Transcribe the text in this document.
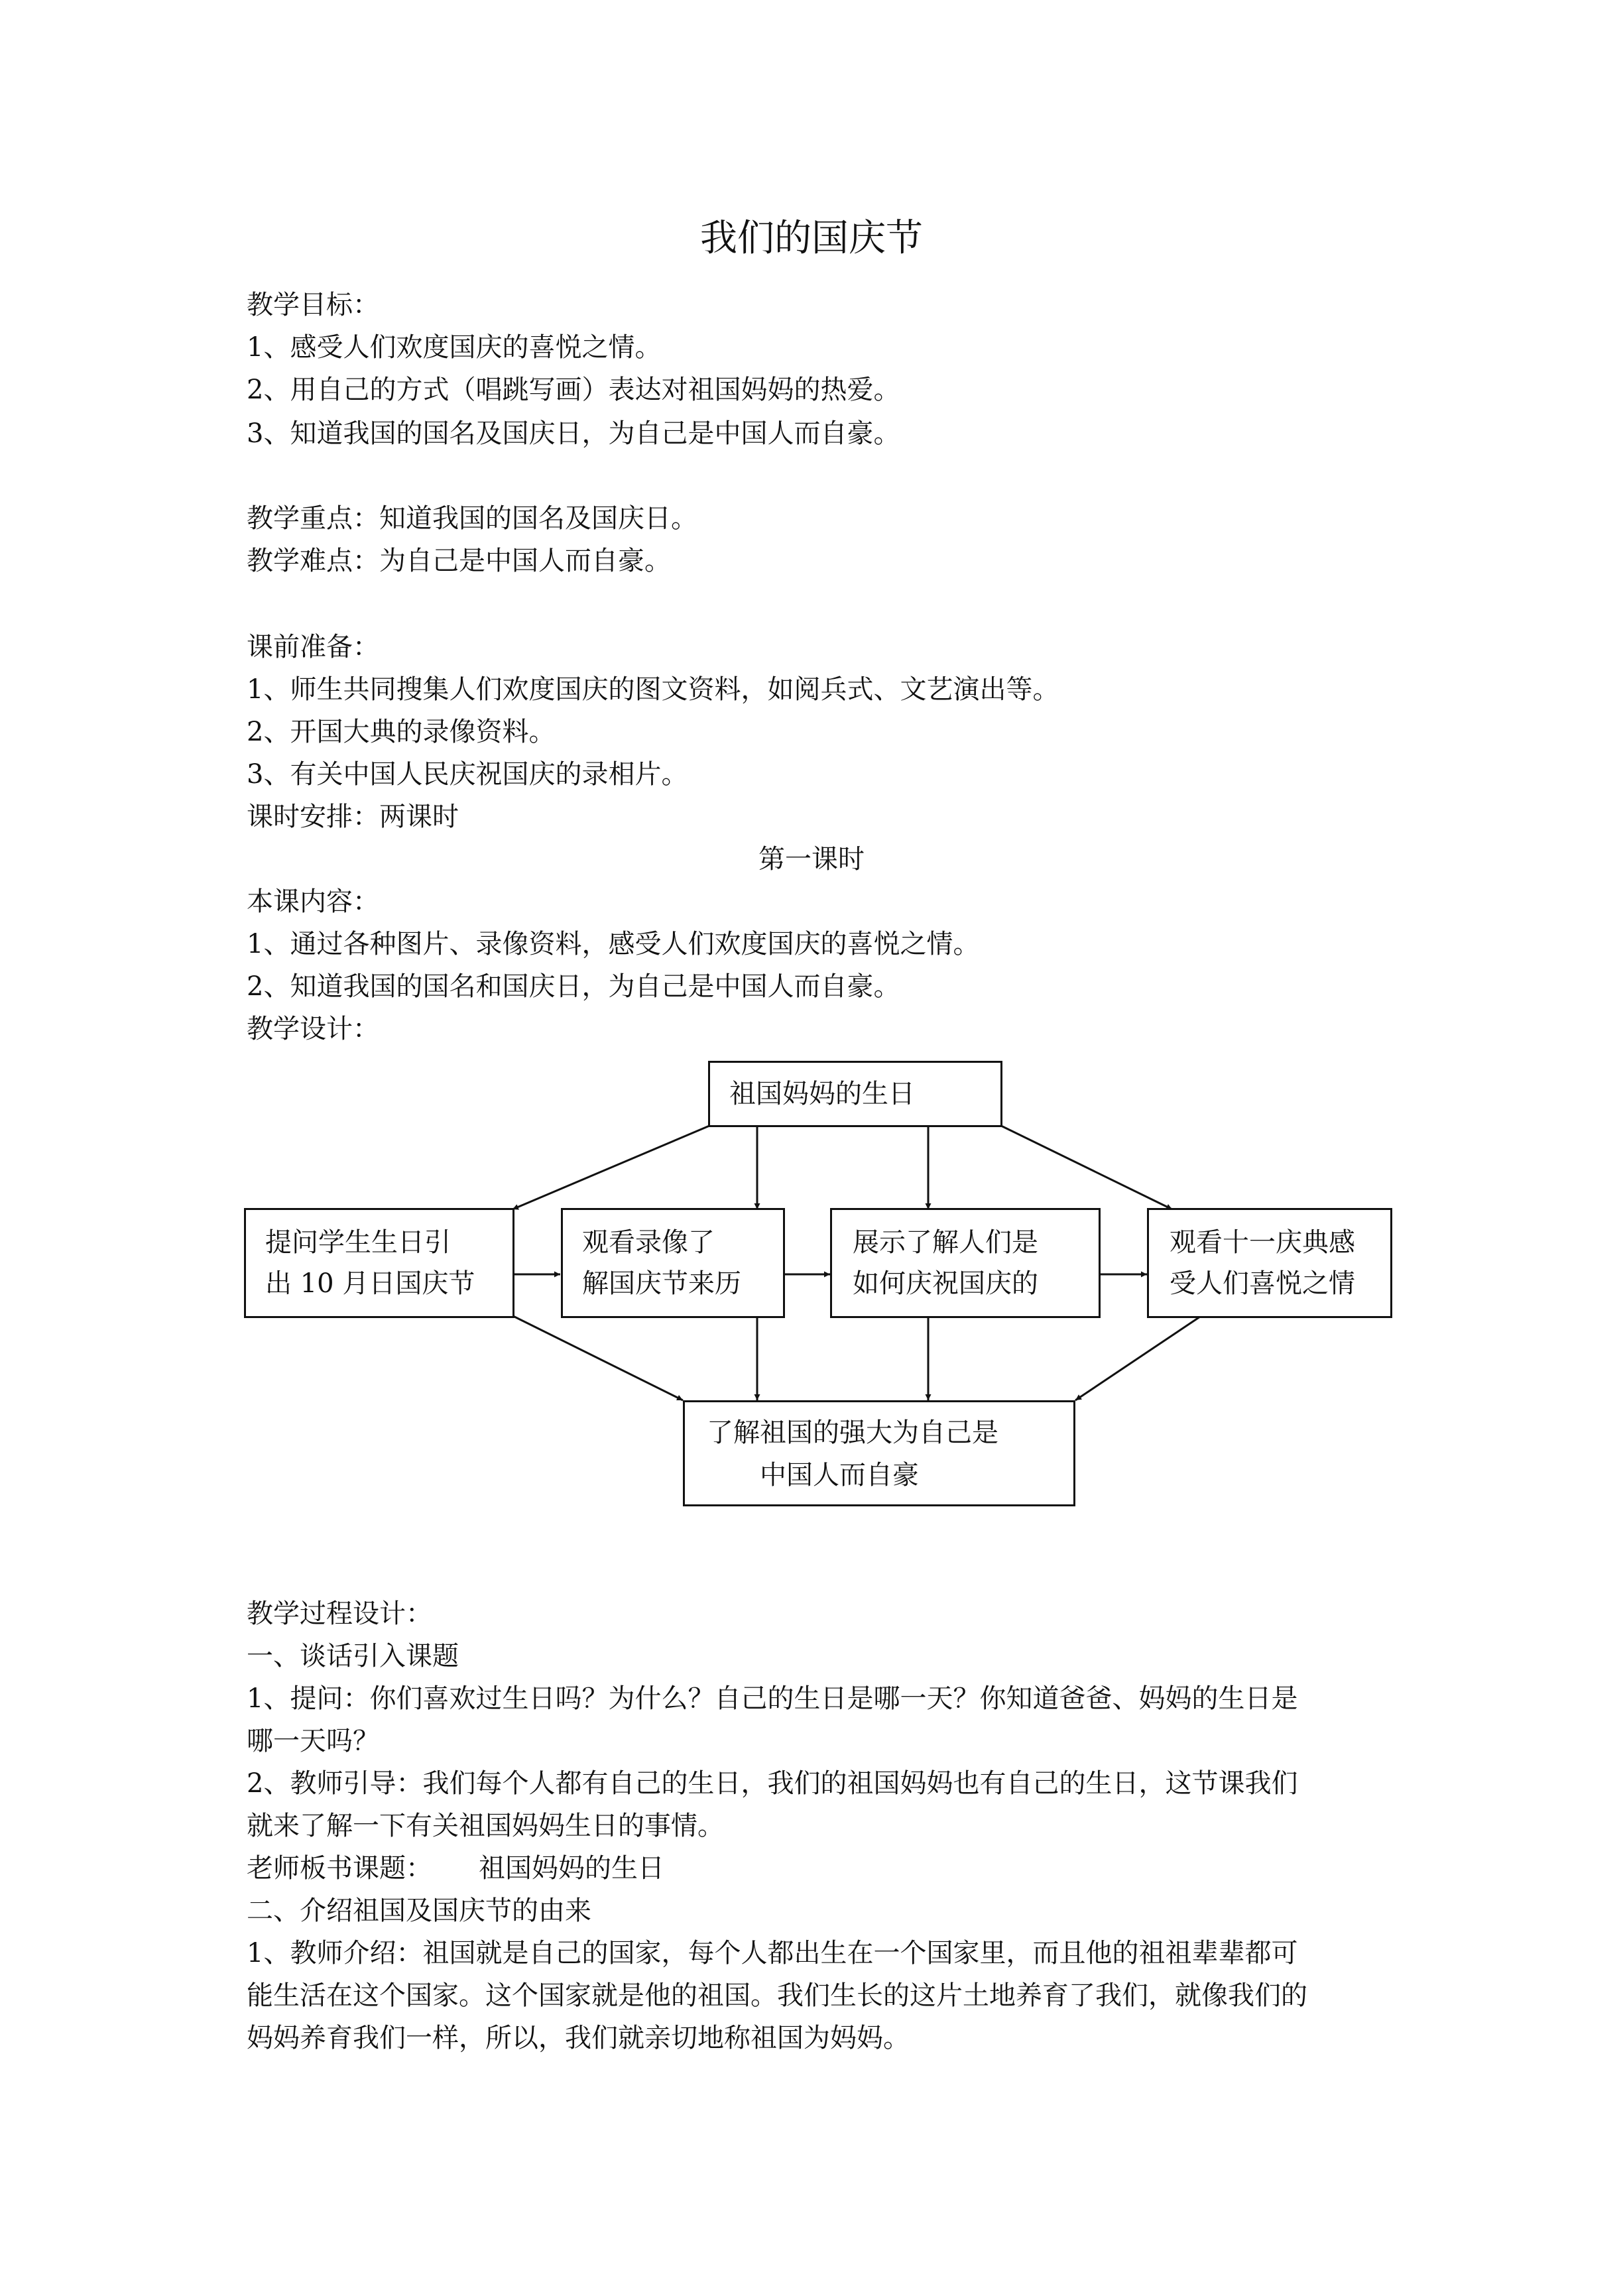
我们的国庆节
教学目标：
1、感受人们欢度国庆的喜悦之情。
2、用自己的方式（唱跳写画）表达对祖国妈妈的热爱。
3、知道我国的国名及国庆日，为自己是中国人而自豪。
教学重点：知道我国的国名及国庆日。
教学难点：为自己是中国人而自豪。
课前准备：
1、师生共同搜集人们欢度国庆的图文资料，如阅兵式、文艺演出等。
2、开国大典的录像资料。
3、有关中国人民庆祝国庆的录相片。
课时安排：两课时
第一课时
本课内容：
1、通过各种图片、录像资料，感受人们欢度国庆的喜悦之情。
2、知道我国的国名和国庆日，为自己是中国人而自豪。
教学设计：
祖国妈妈的生日
提问学生生日引
出 10 月日国庆节
观看录像了
解国庆节来历
展示了解人们是
如何庆祝国庆的
观看十一庆典感
受人们喜悦之情
了解祖国的强大为自己是
中国人而自豪
教学过程设计：
一、谈话引入课题
1、提问：你们喜欢过生日吗？为什么？自己的生日是哪一天？你知道爸爸、妈妈的生日是
哪一天吗？
2、教师引导：我们每个人都有自己的生日，我们的祖国妈妈也有自己的生日，这节课我们
就来了解一下有关祖国妈妈生日的事情。
老师板书课题： 祖国妈妈的生日
二、介绍祖国及国庆节的由来
1、教师介绍：祖国就是自己的国家，每个人都出生在一个国家里，而且他的祖祖辈辈都可
能生活在这个国家。这个国家就是他的祖国。我们生长的这片土地养育了我们，就像我们的
妈妈养育我们一样，所以，我们就亲切地称祖国为妈妈。
